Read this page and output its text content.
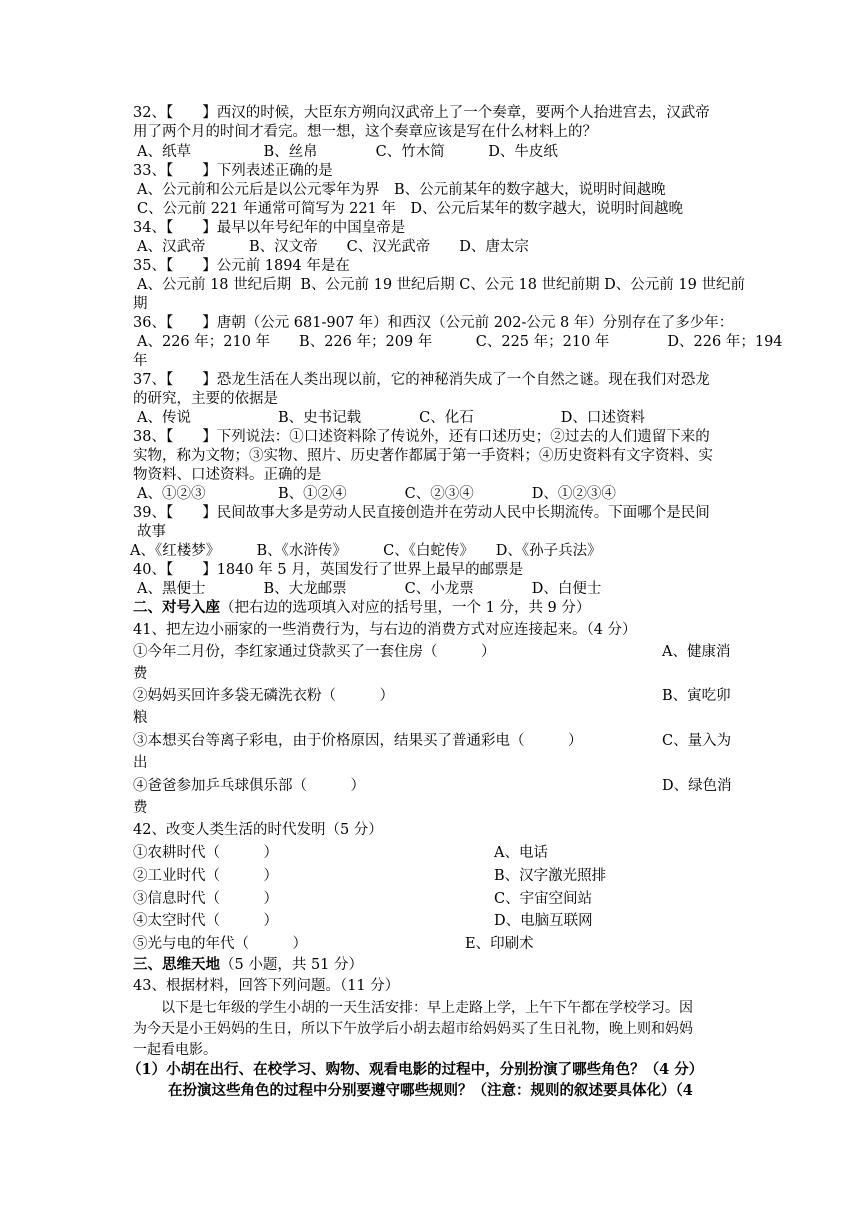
32、【　　】西汉的时候，大臣东方朔向汉武帝上了一个奏章，要两个人抬进宫去，汉武帝
用了两个月的时间才看完。想一想，这个奏章应该是写在什么材料上的？
A、纸草　　　　　B、丝帛　　　　C、竹木简　　　D、牛皮纸
33、【　　】下列表述正确的是
A、公元前和公元后是以公元零年为界　B、公元前某年的数字越大，说明时间越晚
C、公元前 221 年通常可简写为 221 年　D、公元后某年的数字越大，说明时间越晚
34、【　　】最早以年号纪年的中国皇帝是
A、汉武帝　　　B、汉文帝　　C、汉光武帝　　D、唐太宗
35、【　　】公元前 1894 年是在
A、公元前 18 世纪后期  B、公元前 19 世纪后期 C、公元 18 世纪前期 D、公元前 19 世纪前
期
36、【　　】唐朝（公元 681-907 年）和西汉（公元前 202-公元 8 年）分别存在了多少年：
A、226 年；210 年　　B、226 年；209 年　　　C、225 年；210 年　　　　D、226 年；194
年
37、【　　】恐龙生活在人类出现以前，它的神秘消失成了一个自然之谜。现在我们对恐龙
的研究，主要的依据是
A、传说　　　　　　B、史书记载　　　　C、化石　　　　　　D、口述资料
38、【　　】下列说法：①口述资料除了传说外，还有口述历史；②过去的人们遗留下来的
实物，称为文物；③实物、照片、历史著作都属于第一手资料；④历史资料有文字资料、实
物资料、口述资料。正确的是
A、①②③　　　　　B、①②④　　　　C、②③④　　　　D、①②③④
39、【　　】民间故事大多是劳动人民直接创造并在劳动人民中长期流传。下面哪个是民间
故事
A、《红楼梦》　　　B、《水浒传》　　　C、《白蛇传》　　D、《孙子兵法》
40、【　　】1840 年 5 月，英国发行了世界上最早的邮票是
A、黑便士　　　　B、大龙邮票　　　　C、小龙票　　　　D、白便士
二、对号入座（把右边的选项填入对应的括号里，一个 1 分，共 9 分）
41、把左边小丽家的一些消费行为，与右边的消费方式对应连接起来。（4 分）
①今年二月份，李红家通过贷款买了一套住房（　　　）	A、健康消
费
②妈妈买回许多袋无磷洗衣粉（　　　）	B、寅吃卯
粮
③本想买台等离子彩电，由于价格原因，结果买了普通彩电（　　　）	C、量入为
出
④爸爸参加乒乓球俱乐部（　　　）	D、绿色消
费
42、改变人类生活的时代发明（5 分）
①农耕时代（　　　）	A、电话
②工业时代（　　　）	B、汉字激光照排
③信息时代（　　　）	C、宇宙空间站
④太空时代（　　　）	D、电脑互联网
⑤光与电的年代（　　　）	E、印刷术
三、思维天地（5 小题，共 51 分）
43、根据材料，回答下列问题。（11 分）
以下是七年级的学生小胡的一天生活安排：早上走路上学，上午下午都在学校学习。因
为今天是小王妈妈的生日，所以下午放学后小胡去超市给妈妈买了生日礼物，晚上则和妈妈
一起看电影。
（1）小胡在出行、在校学习、购物、观看电影的过程中，分别扮演了哪些角色？（4 分）
在扮演这些角色的过程中分别要遵守哪些规则？（注意：规则的叙述要具体化）（4
